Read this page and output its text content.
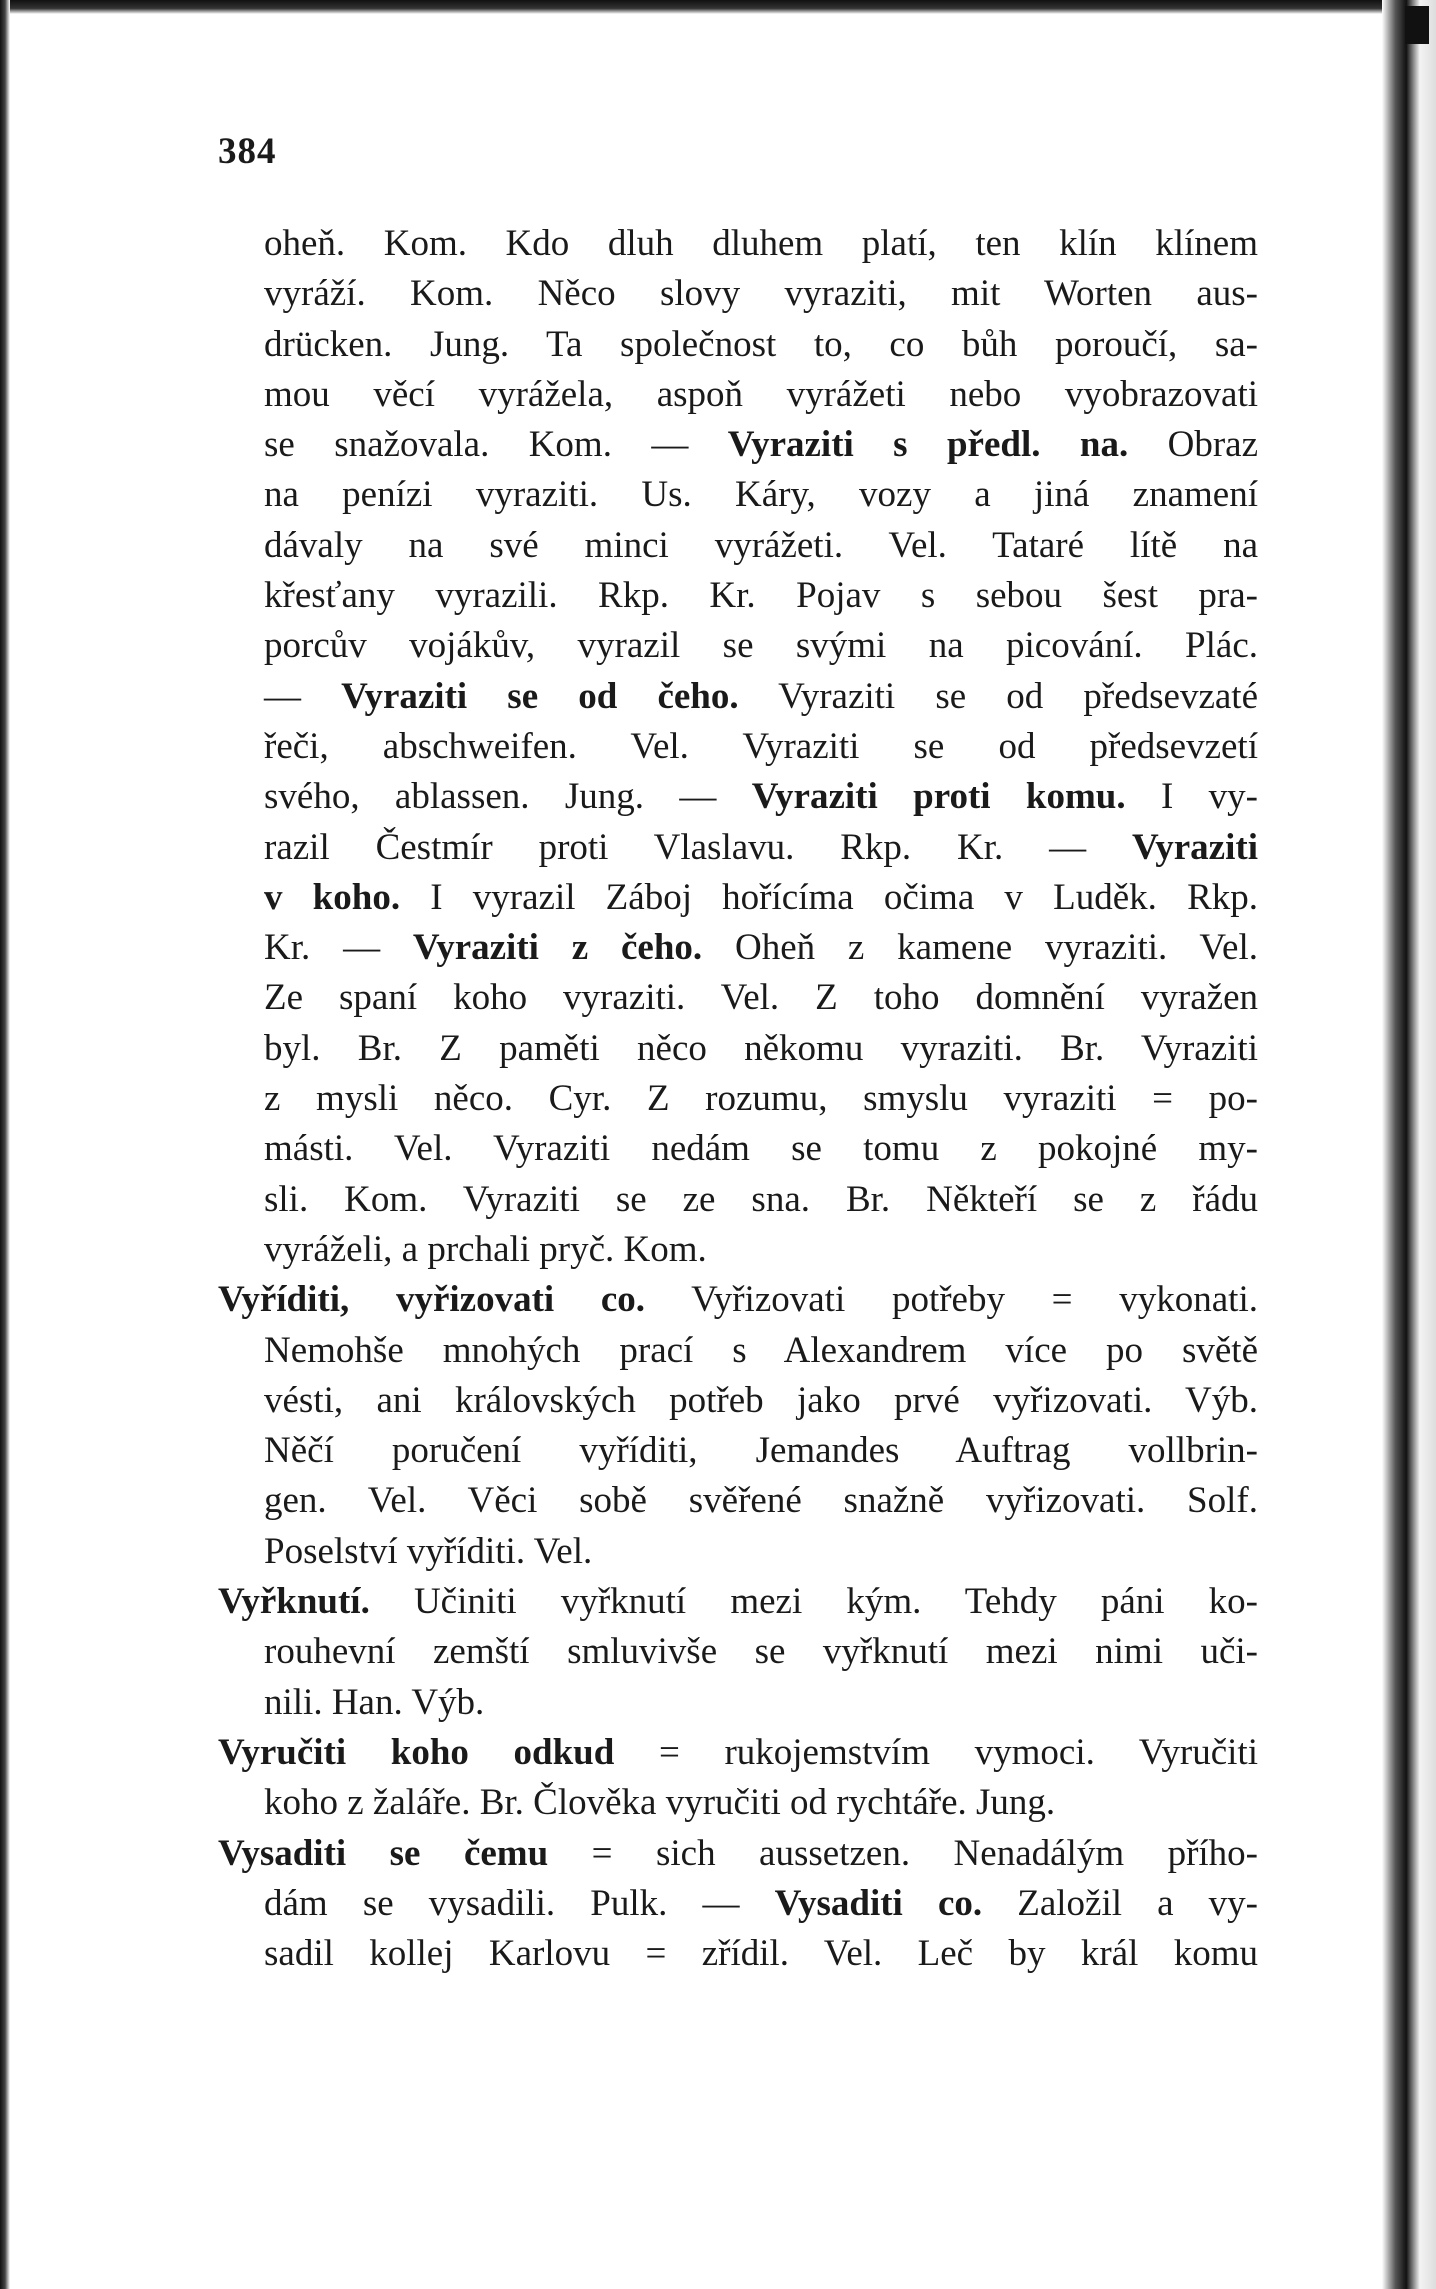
384
oheň. Kom. Kdo dluh dluhem platí, ten klín klínem
vyráží. Kom. Něco slovy vyraziti, mit Worten aus-
drücken. Jung. Ta společnost to, co bůh poroučí, sa-
mou věcí vyrážela, aspoň vyrážeti nebo vyobrazovati
se snažovala. Kom. — Vyraziti s předl. na. Obraz
na penízi vyraziti. Us. Káry, vozy a jiná znamení
dávaly na své minci vyrážeti. Vel. Tataré lítě na
křesťany vyrazili. Rkp. Kr. Pojav s sebou šest pra-
porcův vojákův, vyrazil se svými na picování. Plác.
— Vyraziti se od čeho. Vyraziti se od předsevzaté
řeči, abschweifen. Vel. Vyraziti se od předsevzetí
svého, ablassen. Jung. — Vyraziti proti komu. I vy-
razil Čestmír proti Vlaslavu. Rkp. Kr. — Vyraziti
v koho. I vyrazil Záboj hořícíma očima v Luděk. Rkp.
Kr. — Vyraziti z čeho. Oheň z kamene vyraziti. Vel.
Ze spaní koho vyraziti. Vel. Z toho domnění vyražen
byl. Br. Z paměti něco někomu vyraziti. Br. Vyraziti
z mysli něco. Cyr. Z rozumu, smyslu vyraziti = po-
másti. Vel. Vyraziti nedám se tomu z pokojné my-
sli. Kom. Vyraziti se ze sna. Br. Někteří se z řádu
vyráželi, a prchali pryč. Kom.
Vyříditi, vyřizovati co. Vyřizovati potřeby = vykonati.
Nemohše mnohých prací s Alexandrem více po světě
vésti, ani královských potřeb jako prvé vyřizovati. Výb.
Něčí poručení vyříditi, Jemandes Auftrag vollbrin-
gen. Vel. Věci sobě svěřené snažně vyřizovati. Solf.
Poselství vyříditi. Vel.
Vyřknutí. Učiniti vyřknutí mezi kým. Tehdy páni ko-
rouhevní zemští smluvivše se vyřknutí mezi nimi uči-
nili. Han. Výb.
Vyručiti koho odkud = rukojemstvím vymoci. Vyručiti
koho z žaláře. Br. Člověka vyručiti od rychtáře. Jung.
Vysaditi se čemu = sich aussetzen. Nenadálým přího-
dám se vysadili. Pulk. — Vysaditi co. Založil a vy-
sadil kollej Karlovu = zřídil. Vel. Leč by král komu
